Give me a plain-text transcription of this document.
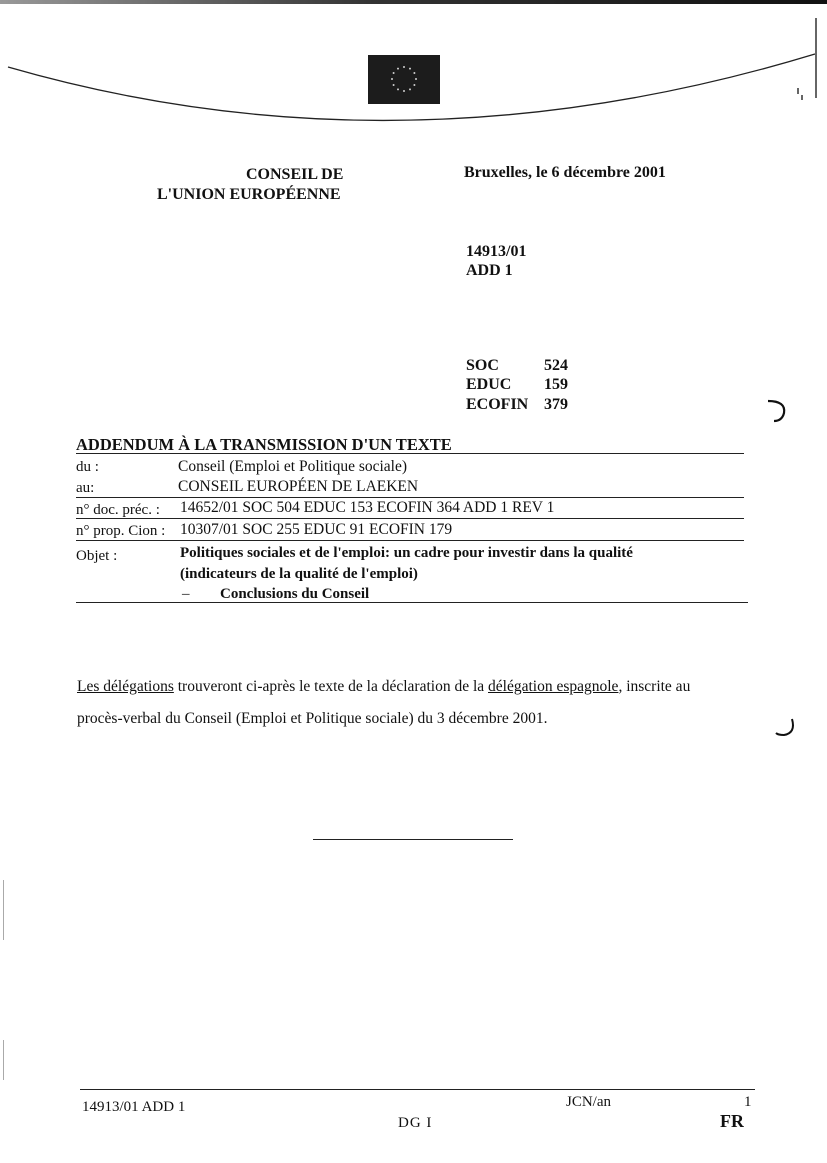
CONSEIL DE
L'UNION EUROPÉENNE
Bruxelles, le 6 décembre 2001
14913/01
ADD 1
SOC	524
EDUC 159
ECOFIN 379
ADDENDUM À LA TRANSMISSION D'UN TEXTE
du :	Conseil (Emploi et Politique sociale)
au:	CONSEIL EUROPÉEN DE LAEKEN
n° doc. préc. : 14652/01 SOC 504 EDUC 153 ECOFIN 364 ADD 1 REV 1
n° prop. Cion : 10307/01 SOC 255 EDUC 91 ECOFIN 179
Objet :	Politiques sociales et de l'emploi: un cadre pour investir dans la qualité
(indicateurs de la qualité de l'emploi)
– Conclusions du Conseil
Les délégations trouveront ci-après le texte de la déclaration de la délégation espagnole, inscrite au
procès-verbal du Conseil (Emploi et Politique sociale) du 3 décembre 2001.
14913/01 ADD 1	JCN/an
DG I
1
FR
